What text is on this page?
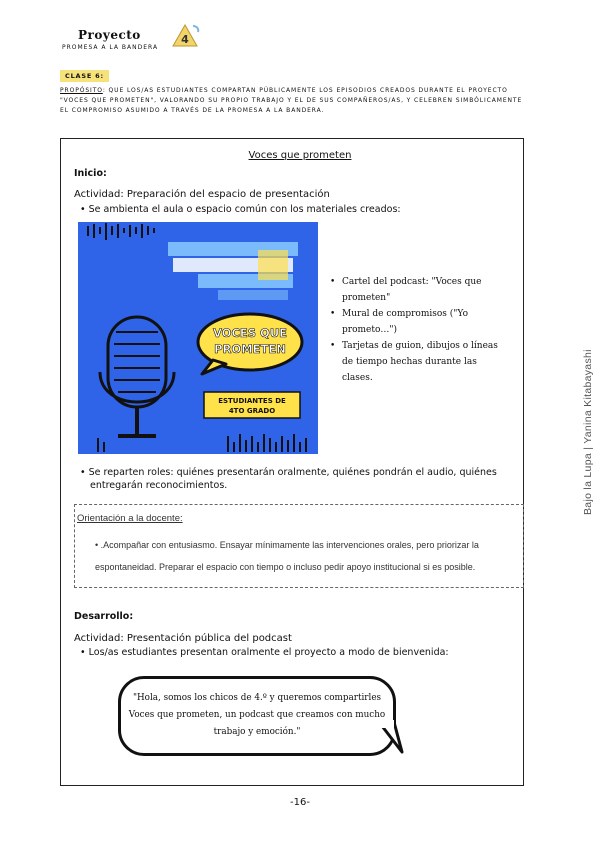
Proyecto
PROMESA A LA BANDERA
4
CLASE 6:
PROPÓSITO: QUE LOS/AS ESTUDIANTES COMPARTAN PÚBLICAMENTE LOS EPISODIOS CREADOS DURANTE EL PROYECTO "VOCES QUE PROMETEN", VALORANDO SU PROPIO TRABAJO Y EL DE SUS COMPAÑEROS/AS, Y CELEBREN SIMBÓLICAMENTE EL COMPROMISO ASUMIDO A TRAVÉS DE LA PROMESA A LA BANDERA.
Voces que prometen
Inicio:
Actividad: Preparación del espacio de presentación
• Se ambienta el aula o espacio común con los materiales creados:
VOCES QUE
PROMETEN
ESTUDIANTES DE
4TO GRADO
• Cartel del podcast: "Voces que prometen"
• Mural de compromisos ("Yo prometo…")
• Tarjetas de guion, dibujos o líneas de tiempo hechas durante las clases.
• Se reparten roles: quiénes presentarán oralmente, quiénes pondrán el audio, quiénes entregarán reconocimientos.
Orientación a la docente:
• .Acompañar con entusiasmo. Ensayar mínimamente las intervenciones orales, pero priorizar la espontaneidad. Preparar el espacio con tiempo o incluso pedir apoyo institucional si es posible.
Desarrollo:
Actividad: Presentación pública del podcast
• Los/as estudiantes presentan oralmente el proyecto a modo de bienvenida:
"Hola, somos los chicos de 4.º y queremos compartirles Voces que prometen, un podcast que creamos con mucho trabajo y emoción."
-16-
Bajo la Lupa | Yanina Kitabayashi
